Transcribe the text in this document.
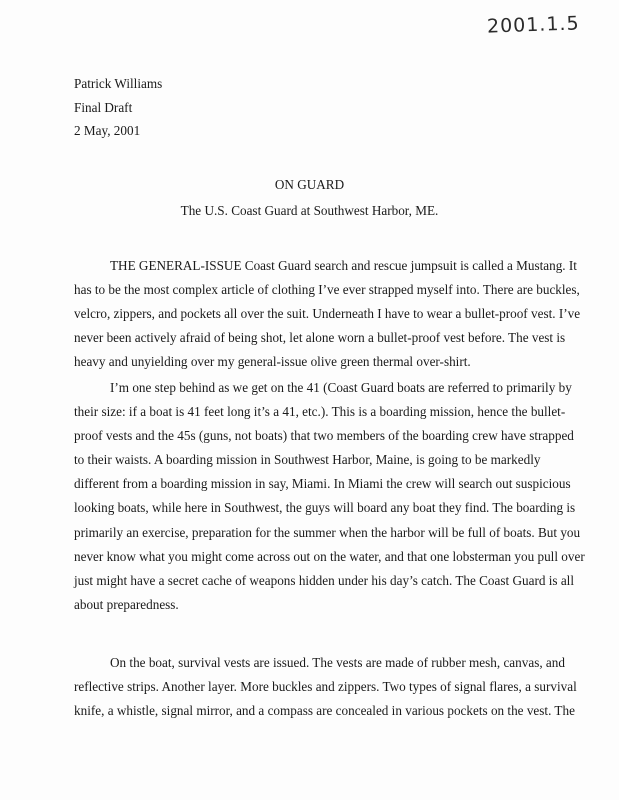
2001.1.5
Patrick Williams
Final Draft
2 May, 2001
ON GUARD
The U.S. Coast Guard at Southwest Harbor, ME.
THE GENERAL-ISSUE Coast Guard search and rescue jumpsuit is called a Mustang. It
has to be the most complex article of clothing I’ve ever strapped myself into. There are buckles,
velcro, zippers, and pockets all over the suit. Underneath I have to wear a bullet-proof vest. I’ve
never been actively afraid of being shot, let alone worn a bullet-proof vest before. The vest is
heavy and unyielding over my general-issue olive green thermal over-shirt.
I’m one step behind as we get on the 41 (Coast Guard boats are referred to primarily by
their size: if a boat is 41 feet long it’s a 41, etc.). This is a boarding mission, hence the bullet-
proof vests and the 45s (guns, not boats) that two members of the boarding crew have strapped
to their waists. A boarding mission in Southwest Harbor, Maine, is going to be markedly
different from a boarding mission in say, Miami. In Miami the crew will search out suspicious
looking boats, while here in Southwest, the guys will board any boat they find. The boarding is
primarily an exercise, preparation for the summer when the harbor will be full of boats. But you
never know what you might come across out on the water, and that one lobsterman you pull over
just might have a secret cache of weapons hidden under his day’s catch. The Coast Guard is all
about preparedness.
On the boat, survival vests are issued. The vests are made of rubber mesh, canvas, and
reflective strips. Another layer. More buckles and zippers. Two types of signal flares, a survival
knife, a whistle, signal mirror, and a compass are concealed in various pockets on the vest. The
